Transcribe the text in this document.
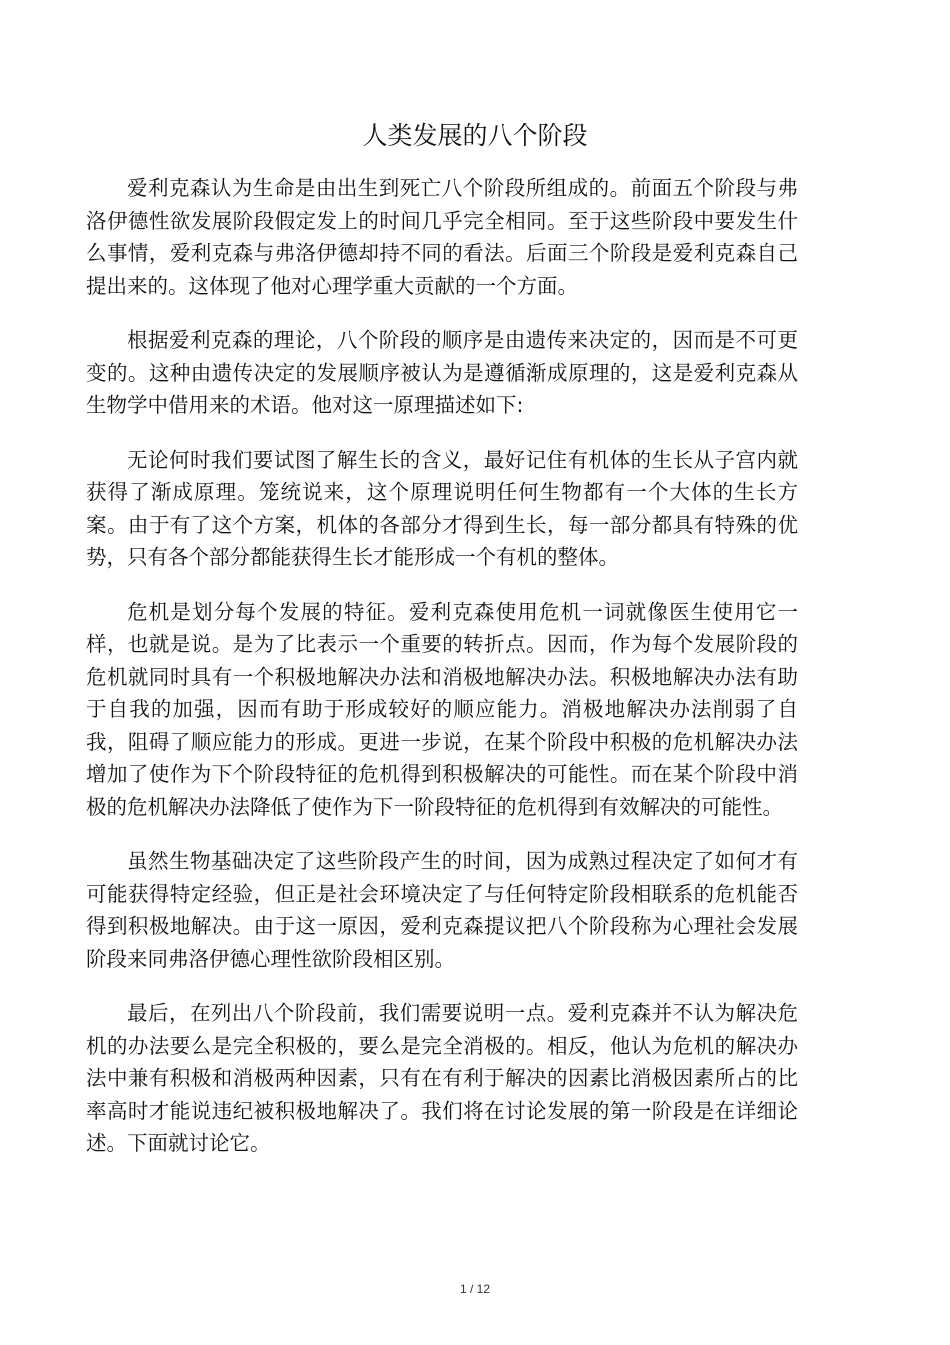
人类发展的八个阶段

爱利克森认为生命是由出生到死亡八个阶段所组成的。前面五个阶段与弗洛伊德性欲发展阶段假定发上的时间几乎完全相同。至于这些阶段中要发生什么事情，爱利克森与弗洛伊德却持不同的看法。后面三个阶段是爱利克森自己提出来的。这体现了他对心理学重大贡献的一个方面。

根据爱利克森的理论，八个阶段的顺序是由遗传来决定的，因而是不可更变的。这种由遗传决定的发展顺序被认为是遵循渐成原理的，这是爱利克森从生物学中借用来的术语。他对这一原理描述如下:

无论何时我们要试图了解生长的含义，最好记住有机体的生长从子宫内就获得了渐成原理。笼统说来，这个原理说明任何生物都有一个大体的生长方案。由于有了这个方案，机体的各部分才得到生长，每一部分都具有特殊的优势，只有各个部分都能获得生长才能形成一个有机的整体。

危机是划分每个发展的特征。爱利克森使用危机一词就像医生使用它一样，也就是说。是为了比表示一个重要的转折点。因而，作为每个发展阶段的危机就同时具有一个积极地解决办法和消极地解决办法。积极地解决办法有助于自我的加强，因而有助于形成较好的顺应能力。消极地解决办法削弱了自我，阻碍了顺应能力的形成。更进一步说，在某个阶段中积极的危机解决办法增加了使作为下个阶段特征的危机得到积极解决的可能性。而在某个阶段中消极的危机解决办法降低了使作为下一阶段特征的危机得到有效解决的可能性。

虽然生物基础决定了这些阶段产生的时间，因为成熟过程决定了如何才有可能获得特定经验，但正是社会环境决定了与任何特定阶段相联系的危机能否得到积极地解决。由于这一原因，爱利克森提议把八个阶段称为心理社会发展阶段来同弗洛伊德心理性欲阶段相区别。

最后，在列出八个阶段前，我们需要说明一点。爱利克森并不认为解决危机的办法要么是完全积极的，要么是完全消极的。相反，他认为危机的解决办法中兼有积极和消极两种因素，只有在有利于解决的因素比消极因素所占的比率高时才能说违纪被积极地解决了。我们将在讨论发展的第一阶段是在详细论述。下面就讨论它。

1 / 12
